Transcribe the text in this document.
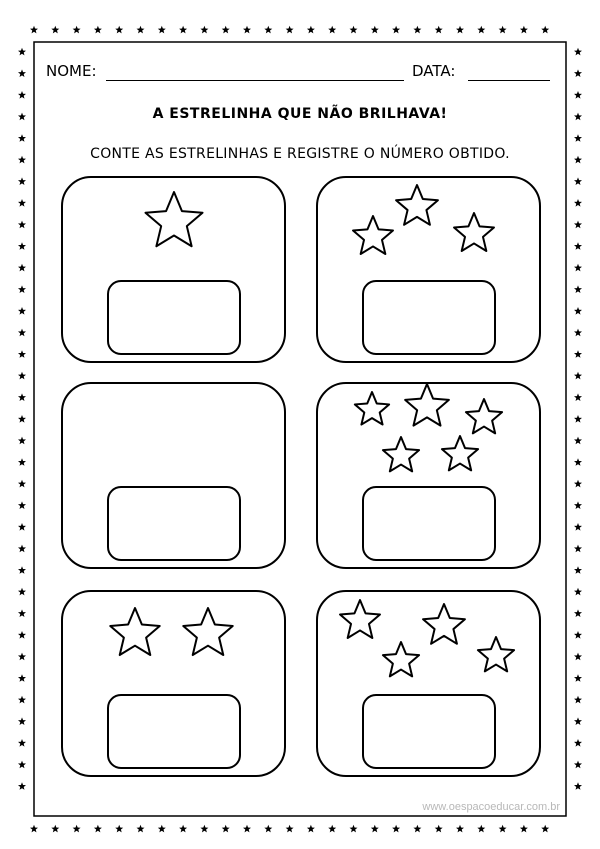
NOME:	DATA:
A ESTRELINHA QUE NÃO BRILHAVA!
CONTE AS ESTRELINHAS E REGISTRE O NÚMERO OBTIDO.
www.oespacoeducar.com.br
